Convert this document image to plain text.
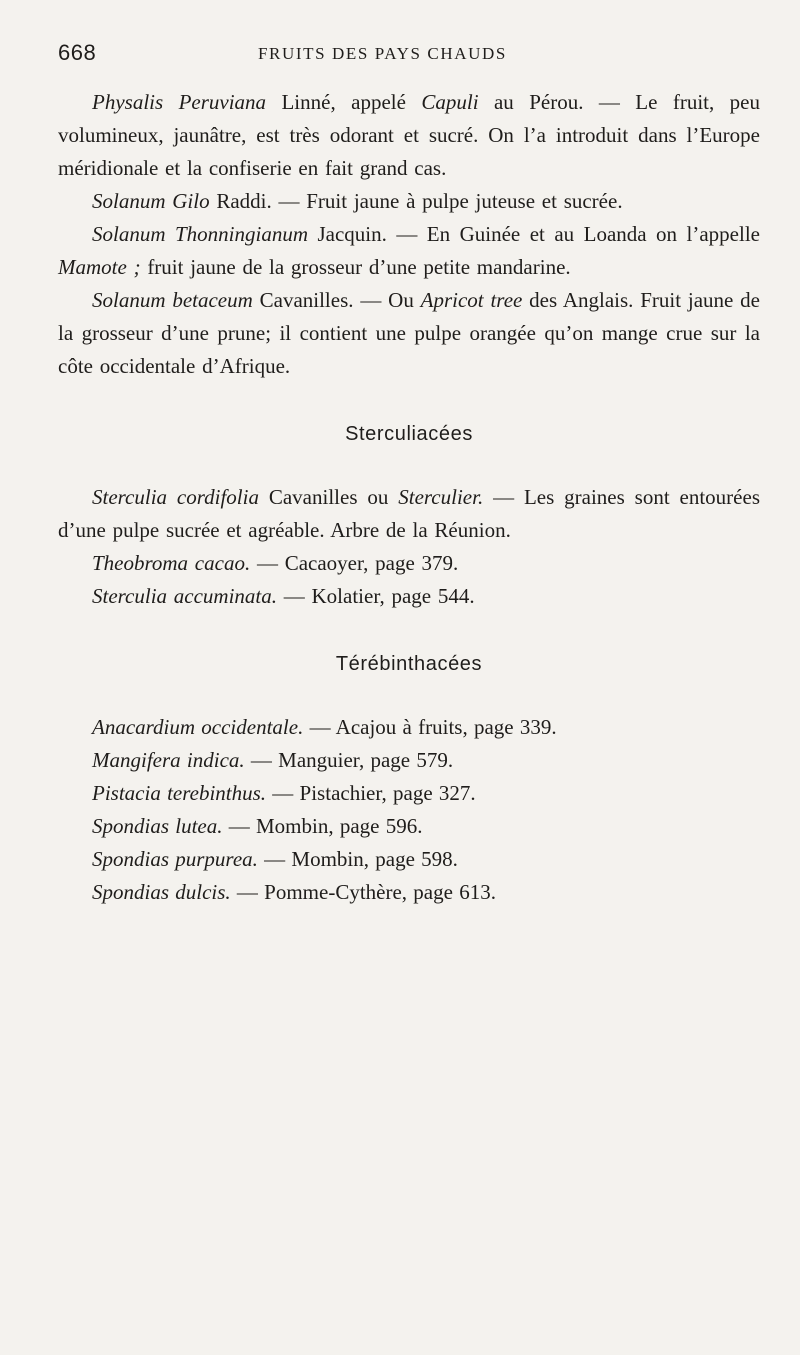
668	FRUITS DES PAYS CHAUDS

Physalis Peruviana Linné, appelé Capuli au Pérou. — Le fruit, peu volumineux, jaunâtre, est très odorant et sucré. On l’a introduit dans l’Europe méridionale et la confiserie en fait grand cas.

Solanum Gilo Raddi. — Fruit jaune à pulpe juteuse et sucrée.

Solanum Thonningianum Jacquin. — En Guinée et au Loanda on l’appelle Mamote ; fruit jaune de la grosseur d’une petite mandarine.

Solanum betaceum Cavanilles. — Ou Apricot tree des Anglais. Fruit jaune de la grosseur d’une prune; il contient une pulpe orangée qu’on mange crue sur la côte occidentale d’Afrique.

Sterculiacées

Sterculia cordifolia Cavanilles ou Sterculier. — Les graines sont entourées d’une pulpe sucrée et agréable. Arbre de la Réunion.

Theobroma cacao. — Cacaoyer, page 379.

Sterculia accuminata. — Kolatier, page 544.

Térébinthacées

Anacardium occidentale. — Acajou à fruits, page 339.

Mangifera indica. — Manguier, page 579.

Pistacia terebinthus. — Pistachier, page 327.

Spondias lutea. — Mombin, page 596.

Spondias purpurea. — Mombin, page 598.

Spondias dulcis. — Pomme-Cythère, page 613.
